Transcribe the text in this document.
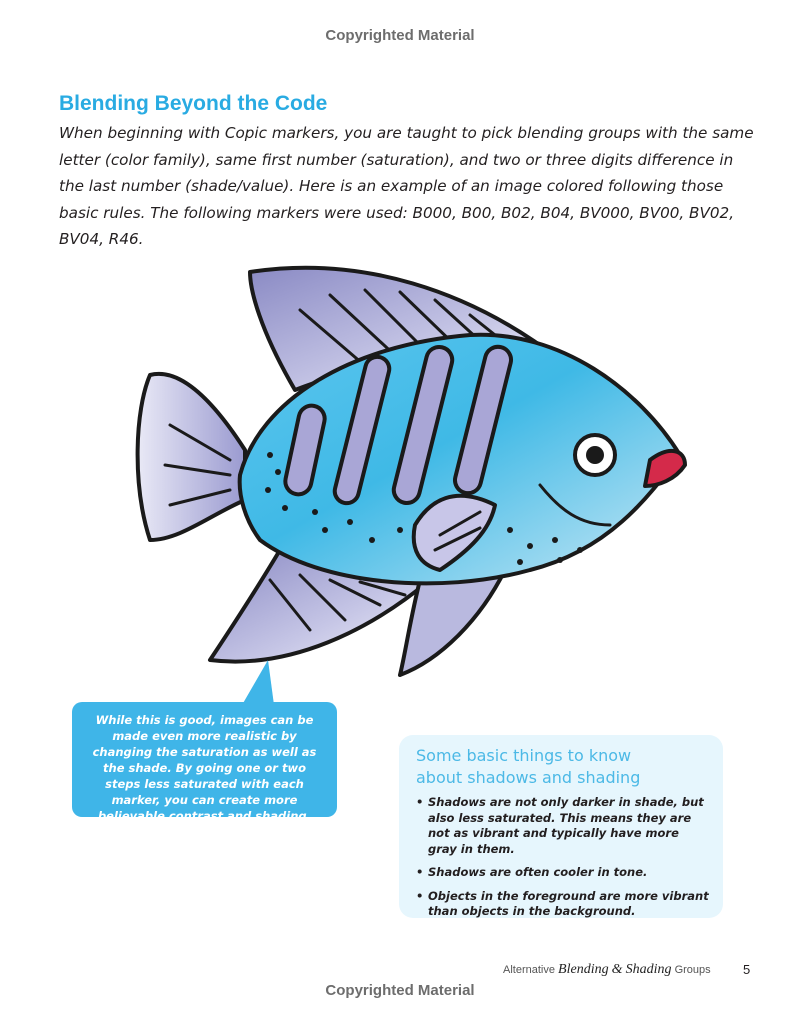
Copyrighted Material
Blending Beyond the Code

When beginning with Copic markers, you are taught to pick blending groups with the same letter (color family), same first number (saturation), and two or three digits difference in the last number (shade/value). Here is an example of an image colored following those basic rules. The following markers were used: B000, B00, B02, B04, BV000, BV00, BV02, BV04, R46.

While this is good, images can be made even more realistic by changing the saturation as well as the shade. By going one or two steps less saturated with each marker, you can create more believable contrast and shading.

Some basic things to know
about shadows and shading
• Shadows are not only darker in shade, but also less saturated. This means they are not as vibrant and typically have more gray in them.
• Shadows are often cooler in tone.
• Objects in the foreground are more vibrant than objects in the background.
Alternative Blending & Shading Groups 5
Copyrighted Material
